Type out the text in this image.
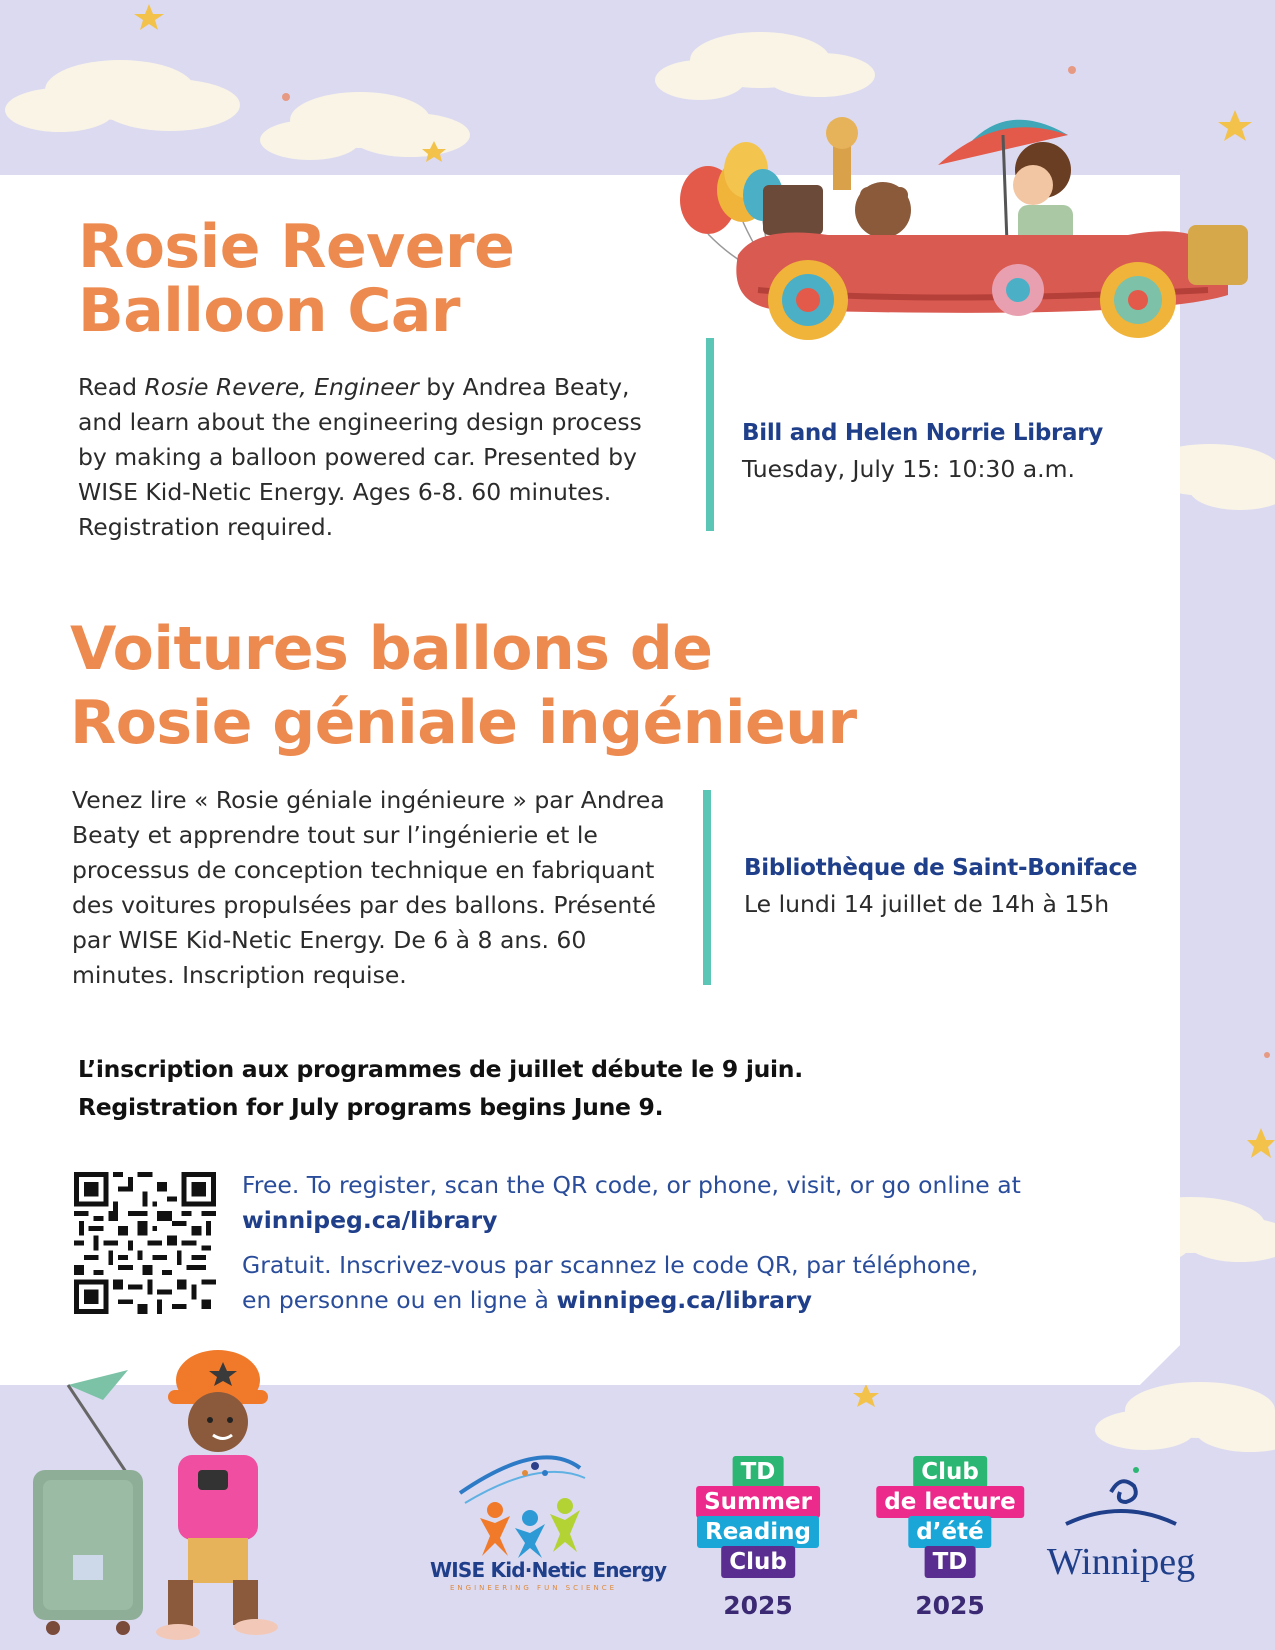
Rosie Revere
Balloon Car

Read Rosie Revere, Engineer by Andrea Beaty, and learn about the engineering design process by making a balloon powered car. Presented by WISE Kid-Netic Energy. Ages 6-8. 60 minutes. Registration required.

Bill and Helen Norrie Library
Tuesday, July 15: 10:30 a.m.
Voitures ballons de
Rosie géniale ingénieur

Venez lire « Rosie géniale ingénieure » par Andrea Beaty et apprendre tout sur l’ingénierie et le processus de conception technique en fabriquant des voitures propulsées par des ballons. Présenté par WISE Kid-Netic Energy. De 6 à 8 ans. 60 minutes. Inscription requise.

Bibliothèque de Saint-Boniface
Le lundi 14 juillet de 14h à 15h

L’inscription aux programmes de juillet débute le 9 juin.
Registration for July programs begins June 9.

Free. To register, scan the QR code, or phone, visit, or go online at

winnipeg.ca/library

Gratuit. Inscrivez-vous par scannez le code QR, par téléphone,

en personne ou en ligne à winnipeg.ca/library

WISE Kid·Netic Energy
ENGINEERING FUN SCIENCE
TD
Summer
Reading
Club
2025
Club
de lecture
d’été
TD
2025
Winnipeg
